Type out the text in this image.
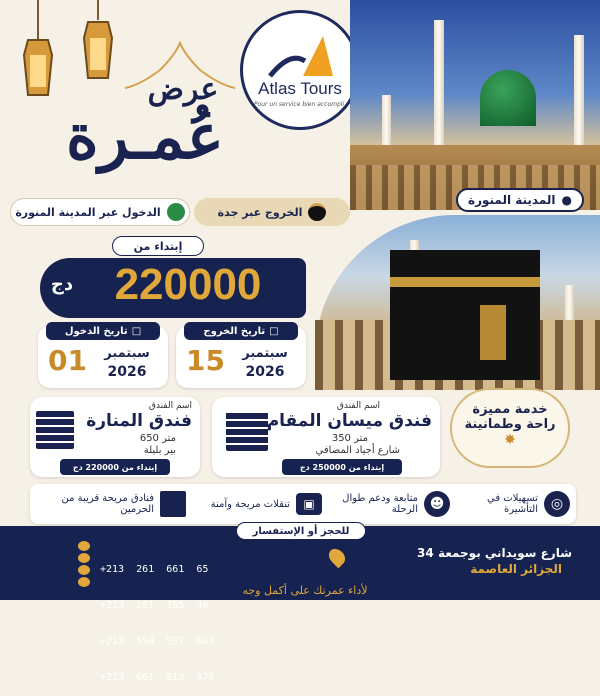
عرض
عُمـرة
Atlas Tours
Pour un service bien accompli.
المدينة المنورة ●
الخروج عبر جدة
الدخول عبر المدينة المنورة
إبتداء من
دج 220000
تاريخ الدخول □
01	سبتمبر
2026
تاريخ الخروج □
15	سبتمبر
2026
خدمة مميزة
راحة وطمانينة
✸
اسم الفندق
فندق المنارة
650 متر
بير بليلة
إبتداء من 220000 دج
اسم الفندق
فندق ميسان المقام
350 متر
شارع أجياد المصافي
إبتداء من 250000 دج
◎
تسهيلات في التأشيرة
☻
متابعة ودعم طوال الرحلة
▣
تنقلات مريحة وآمنة
فنادق مريحة قريبة من الحرمين
للحجز أو الإستفسار

+213  261  661  65

+213  201  155  40

+213  550  937  688

+213  661  919  979

34 شارع سويداني بوجمعة
الجزائر العاصمة
لأداء عمرتك على أكمل وجه
